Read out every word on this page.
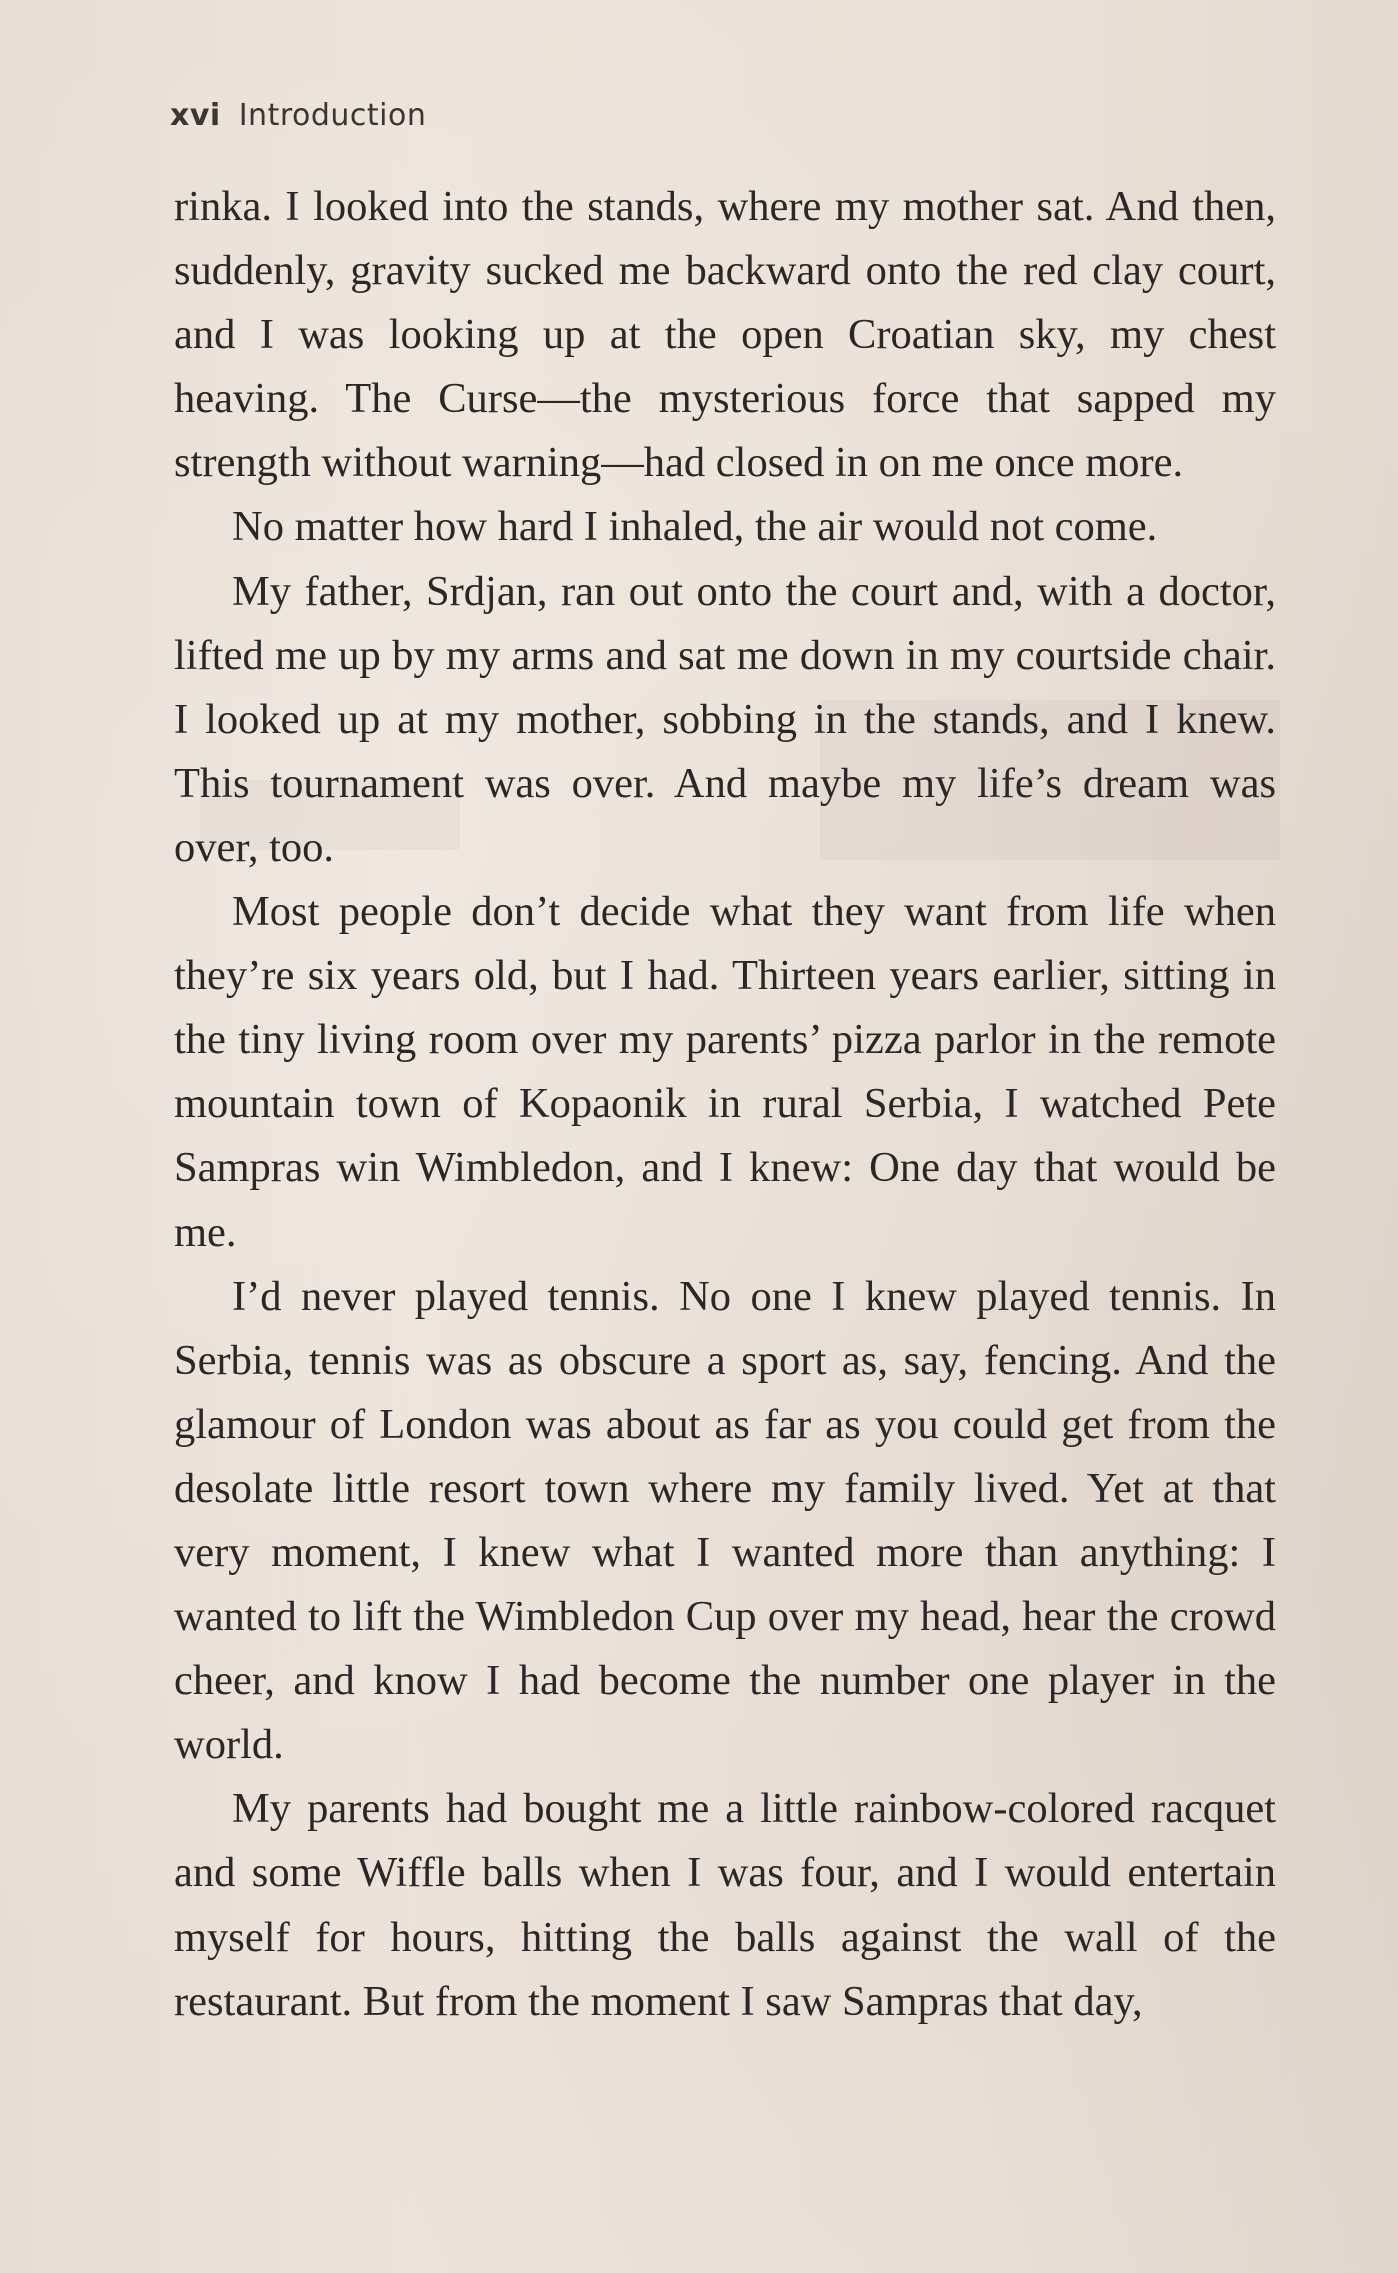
xvi Introduction

rinka. I looked into the stands, where my mother sat. And then, suddenly, gravity sucked me backward onto the red clay court, and I was looking up at the open Croatian sky, my chest heaving. The Curse—the mysterious force that sapped my strength without warning—had closed in on me once more.

No matter how hard I inhaled, the air would not come.

My father, Srdjan, ran out onto the court and, with a doctor, lifted me up by my arms and sat me down in my courtside chair. I looked up at my mother, sobbing in the stands, and I knew. This tournament was over. And maybe my life’s dream was over, too.

Most people don’t decide what they want from life when they’re six years old, but I had. Thirteen years earlier, sitting in the tiny living room over my parents’ pizza parlor in the remote mountain town of Kopaonik in rural Serbia, I watched Pete Sampras win Wimbledon, and I knew: One day that would be me.

I’d never played tennis. No one I knew played tennis. In Serbia, tennis was as obscure a sport as, say, fencing. And the glamour of London was about as far as you could get from the desolate little resort town where my family lived. Yet at that very moment, I knew what I wanted more than anything: I wanted to lift the Wimbledon Cup over my head, hear the crowd cheer, and know I had become the number one player in the world.

My parents had bought me a little rainbow-colored racquet and some Wiffle balls when I was four, and I would entertain myself for hours, hitting the balls against the wall of the restaurant. But from the moment I saw Sampras that day,
